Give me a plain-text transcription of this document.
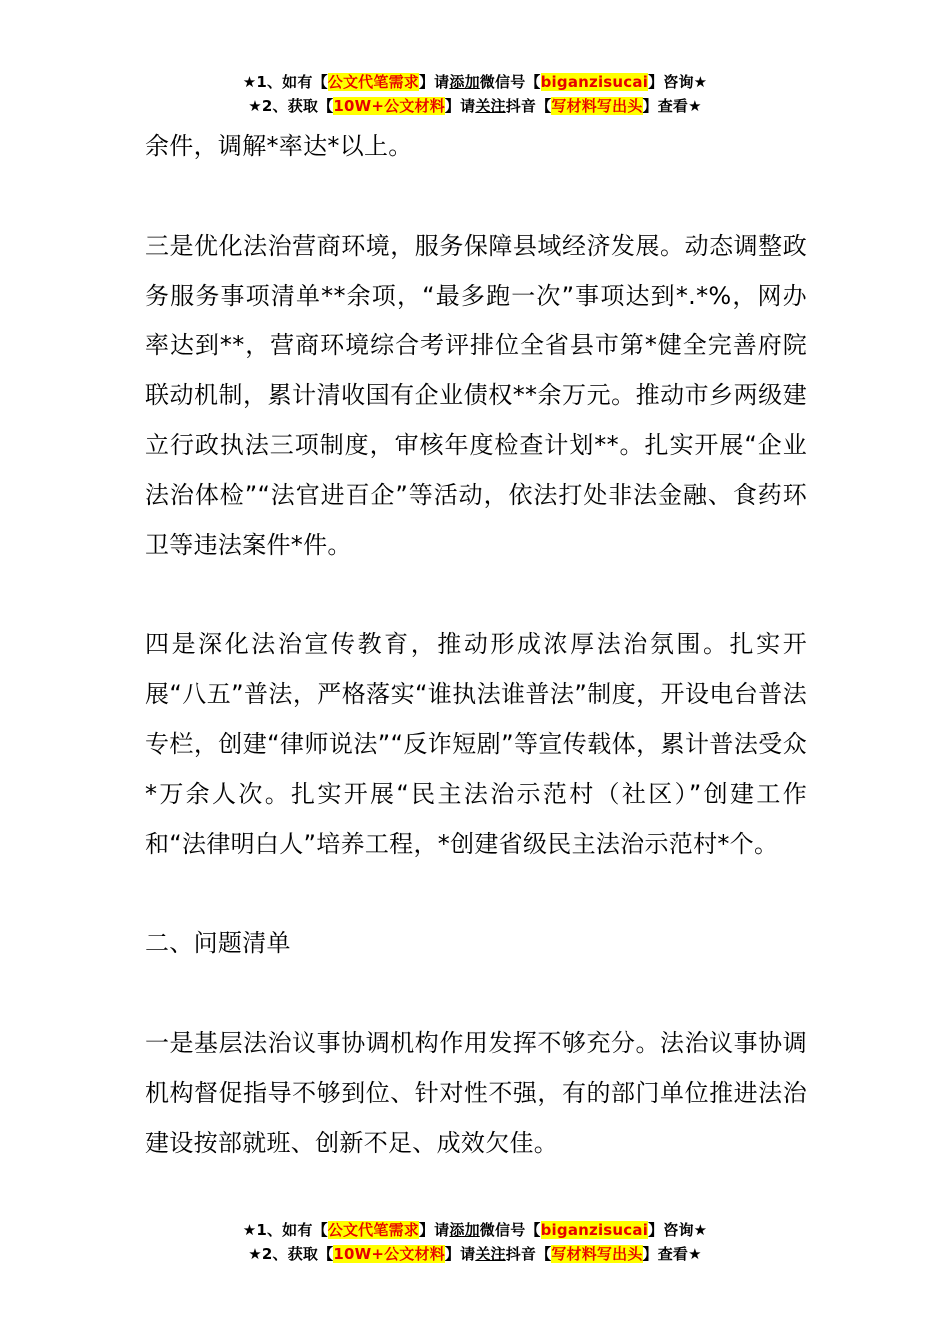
★1、如有【公文代笔需求】请添加微信号【biganzisucai】咨询★
★2、获取【10W+公文材料】请关注抖音【写材料写出头】查看★

余件，调解*率达*以上。

三是优化法治营商环境，服务保障县域经济发展。动态调整政务服务事项清单**余项，“最多跑一次”事项达到*.*%，网办率达到**，营商环境综合考评排位全省县市第*健全完善府院联动机制，累计清收国有企业债权**余万元。推动市乡两级建立行政执法三项制度，审核年度检查计划**。扎实开展“企业法治体检”“法官进百企”等活动，依法打处非法金融、食药环卫等违法案件*件。

四是深化法治宣传教育，推动形成浓厚法治氛围。扎实开展“八五”普法，严格落实“谁执法谁普法”制度，开设电台普法专栏，创建“律师说法”“反诈短剧”等宣传载体，累计普法受众*万余人次。扎实开展“民主法治示范村（社区）”创建工作和“法律明白人”培养工程，*创建省级民主法治示范村*个。

二、问题清单

一是基层法治议事协调机构作用发挥不够充分。法治议事协调机构督促指导不够到位、针对性不强，有的部门单位推进法治建设按部就班、创新不足、成效欠佳。

★1、如有【公文代笔需求】请添加微信号【biganzisucai】咨询★
★2、获取【10W+公文材料】请关注抖音【写材料写出头】查看★
